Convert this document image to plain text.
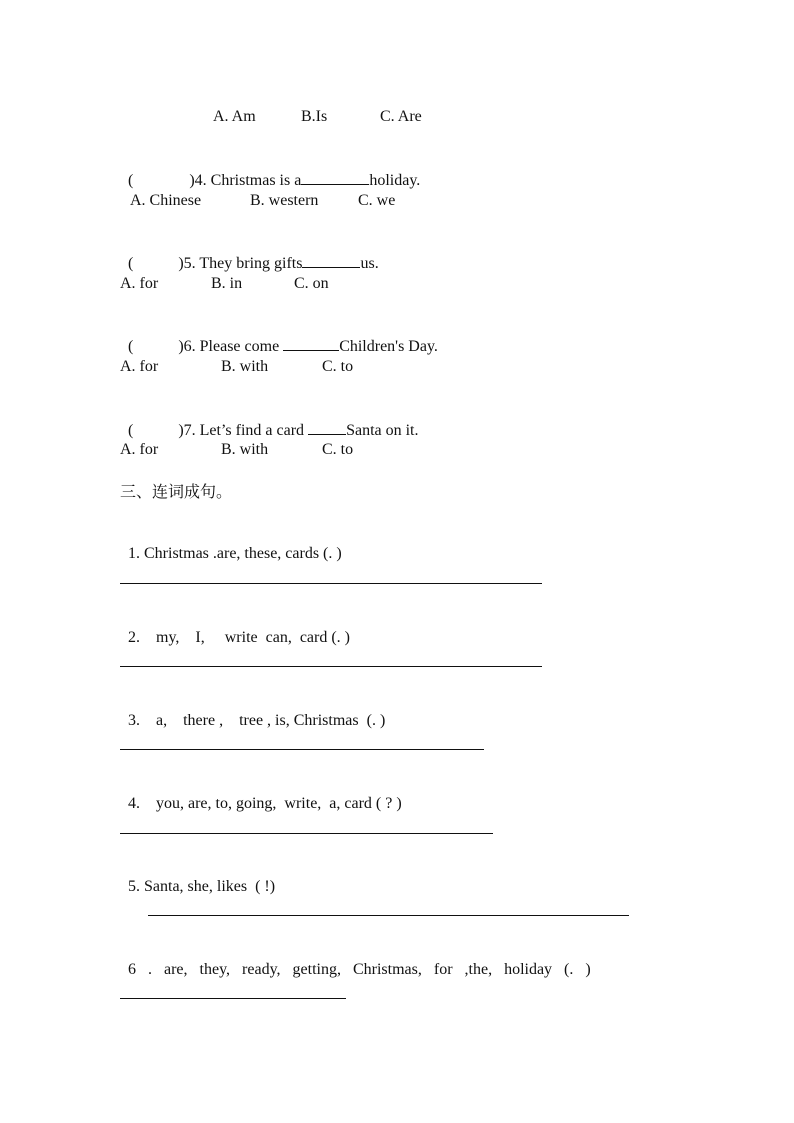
A. Am	B.Is	C. Are

(	)4. Christmas is a	holiday.

A. Chinese	B. western C. we

(	)5. They bring gifts	us.

A. for	B. in	C. on

(	)6. Please come	Children's Day.

A. for	B. with	C. to

(	)7. Let’s find a card	Santa on it.

A. for	B. with	C. to
三、连词成句。

1. Christmas .are, these, cards (. )

2. my,    I,     write  can,  card (. )

3. a,    there ,    tree , is, Christmas  (. )

4. you, are, to, going,  write,  a, card ( ? )

5. Santa, she, likes  ( !)

6 .   are,   they,   ready,   getting,   Christmas,   for   ,the,   holiday   (.   )
